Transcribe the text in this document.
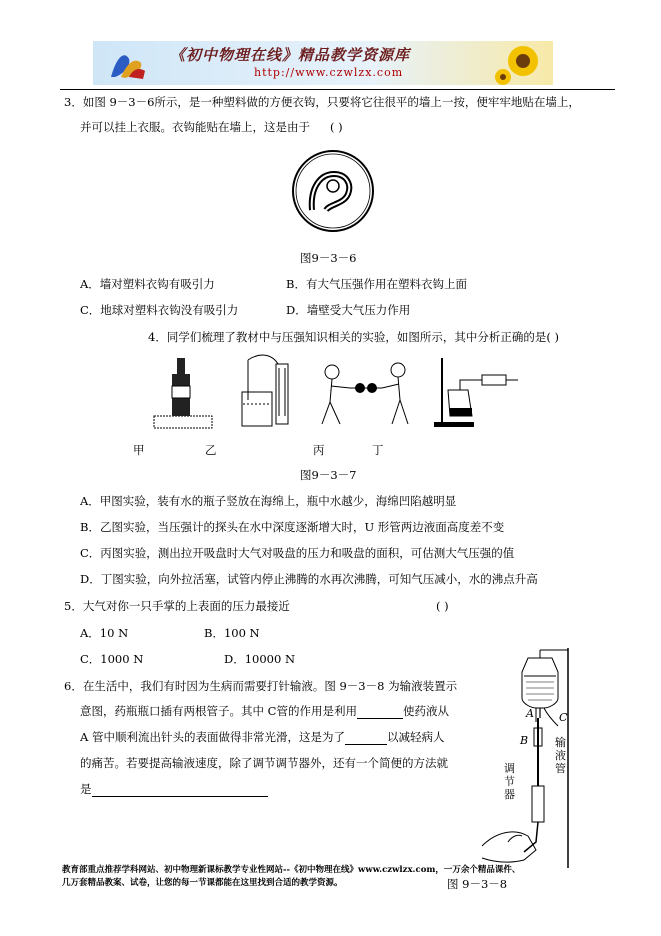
《初中物理在线》精品教学资源库
http://www.czwlzx.com
3．如图 9－3－6所示，是一种塑料做的方便衣钩，只要将它往很平的墙上一按，便牢牢地贴在墙上，
并可以挂上衣服。衣钩能贴在墙上，这是由于 ( )
图9－3－6
A．墙对塑料衣钩有吸引力	B．有大气压强作用在塑料衣钩上面
C．地球对塑料衣钩没有吸引力	D．墙壁受大气压力作用
4．同学们梳理了教材中与压强知识相关的实验，如图所示，其中分析正确的是( )
甲	乙	丙	丁
图9－3－7
A．甲图实验，装有水的瓶子竖放在海绵上，瓶中水越少，海绵凹陷越明显
B．乙图实验，当压强计的探头在水中深度逐渐增大时，U 形管两边液面高度差不变
C．丙图实验，测出拉开吸盘时大气对吸盘的压力和吸盘的面积，可估测大气压强的值
D．丁图实验，向外拉活塞，试管内停止沸腾的水再次沸腾，可知气压减小，水的沸点升高
5．大气对你一只手掌的上表面的压力最接近	( )
A．10 N	B．100 N
C．1000 N	D．10000 N
6．在生活中，我们有时因为生病而需要打针输液。图 9－3－8 为输液装置示
意图，药瓶瓶口插有两根管子。其中 C管的作用是利用	使药液从
A 管中顺利流出针头的表面做得非常光滑，这是为了	以减轻病人
的痛苦。若要提高输液速度，除了调节调节器外，还有一个简便的方法就
是
A C
B 输液管
调节器
教育部重点推荐学科网站、初中物理新课标教学专业性网站--《初中物理在线》www.czwlzx.com，一万余个精品课件、
几万套精品教案、试卷，让您的每一节课都能在这里找到合适的教学资源。	图 9－3－8
